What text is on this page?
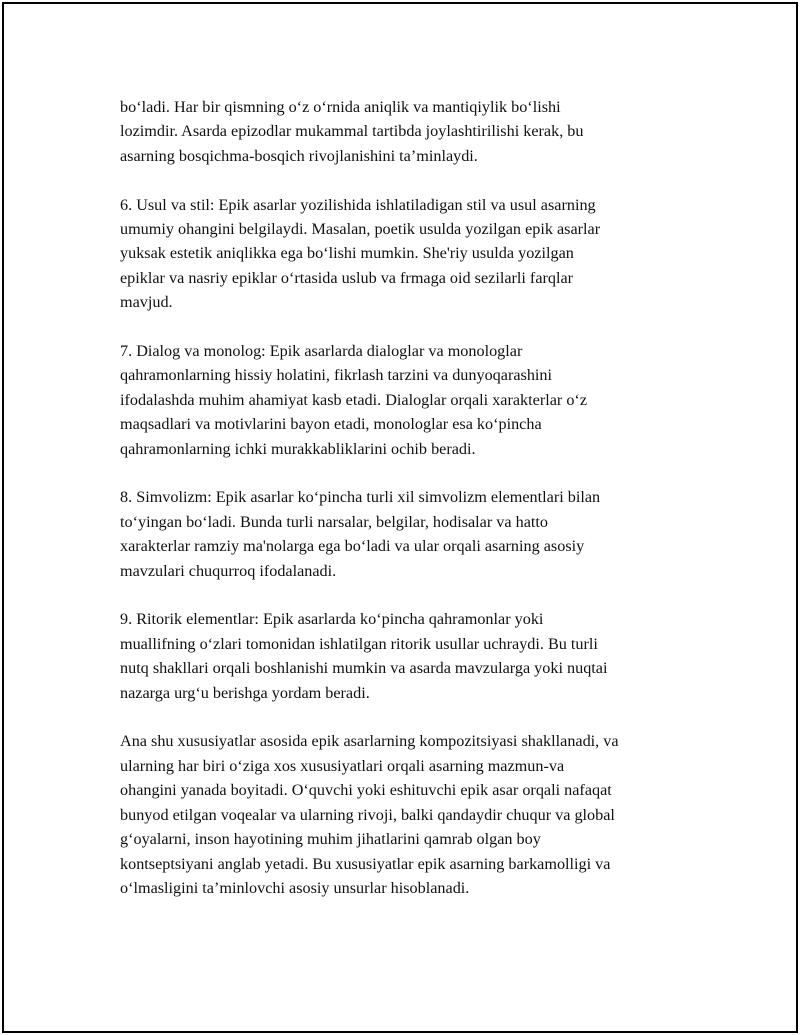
bo‘ladi. Har bir qismning o‘z o‘rnida aniqlik va mantiqiylik bo‘lishi
lozimdir. Asarda epizodlar mukammal tartibda joylashtirilishi kerak, bu
asarning bosqichma-bosqich rivojlanishini ta’minlaydi.

6. Usul va stil: Epik asarlar yozilishida ishlatiladigan stil va usul asarning
umumiy ohangini belgilaydi. Masalan, poetik usulda yozilgan epik asarlar
yuksak estetik aniqlikka ega bo‘lishi mumkin. She'riy usulda yozilgan
epiklar va nasriy epiklar o‘rtasida uslub va frmaga oid sezilarli farqlar
mavjud.

7. Dialog va monolog: Epik asarlarda dialoglar va monologlar
qahramonlarning hissiy holatini, fikrlash tarzini va dunyoqarashini
ifodalashda muhim ahamiyat kasb etadi. Dialoglar orqali xarakterlar o‘z
maqsadlari va motivlarini bayon etadi, monologlar esa ko‘pincha
qahramonlarning ichki murakkabliklarini ochib beradi.

8. Simvolizm: Epik asarlar ko‘pincha turli xil simvolizm elementlari bilan
to‘yingan bo‘ladi. Bunda turli narsalar, belgilar, hodisalar va hatto
xarakterlar ramziy ma'nolarga ega bo‘ladi va ular orqali asarning asosiy
mavzulari chuqurroq ifodalanadi.

9. Ritorik elementlar: Epik asarlarda ko‘pincha qahramonlar yoki
muallifning o‘zlari tomonidan ishlatilgan ritorik usullar uchraydi. Bu turli
nutq shakllari orqali boshlanishi mumkin va asarda mavzularga yoki nuqtai
nazarga urg‘u berishga yordam beradi.

Ana shu xususiyatlar asosida epik asarlarning kompozitsiyasi shakllanadi, va
ularning har biri o‘ziga xos xususiyatlari orqali asarning mazmun-va
ohangini yanada boyitadi. O‘quvchi yoki eshituvchi epik asar orqali nafaqat
bunyod etilgan voqealar va ularning rivoji, balki qandaydir chuqur va global
g‘oyalarni, inson hayotining muhim jihatlarini qamrab olgan boy
kontseptsiyani anglab yetadi. Bu xususiyatlar epik asarning barkamolligi va
o‘lmasligini ta’minlovchi asosiy unsurlar hisoblanadi.
